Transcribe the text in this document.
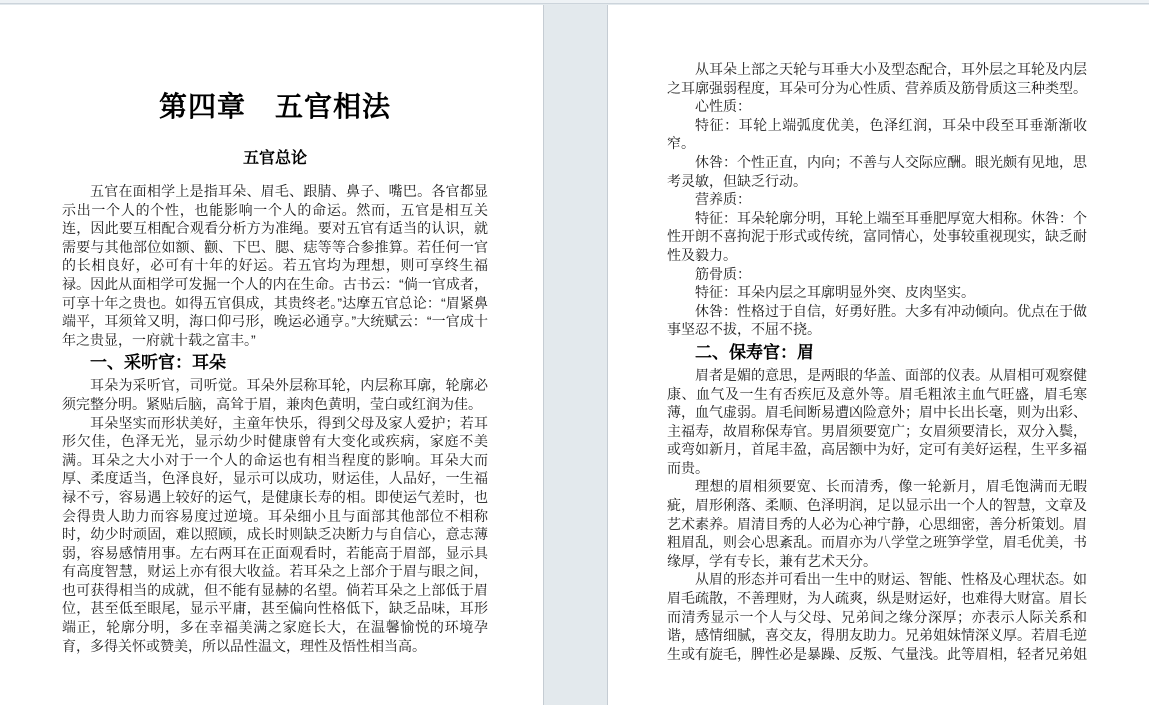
第四章　五官相法
五官总论

五官在面相学上是指耳朵、眉毛、跟腈、鼻子、嘴巴。各官都显示出一个人的个性，也能影响一个人的命运。然而，五官是相互关连，因此要互相配合观看分析方为准绳。要对五官有适当的认识，就需要与其他部位如额、颧、下巴、腮、痣等等合参推算。若任何一官的长相良好，必可有十年的好运。若五官均为理想，则可享终生福禄。因此从面相学可发掘一个人的内在生命。古书云：“倘一官成者，可享十年之贵也。如得五官俱成，其贵终老。”达摩五官总论：“眉紧鼻端平，耳须耸又明，海口仰弓形，晚运必通亨。”大统赋云：“一官成十年之贵显，一府就十载之富丰。”

一、采听官：耳朵

耳朵为采听官，司听觉。耳朵外层称耳轮，内层称耳廓，轮廓必须完整分明。紧贴后脑，高耸于眉，兼肉色黄明，莹白或红润为佳。

耳朵坚实而形状美好，主童年快乐，得到父母及家人爱护；若耳形欠佳，色泽无光，显示幼少时健康曾有大变化或疾病，家庭不美满。耳朵之大小对于一个人的命运也有相当程度的影响。耳朵大而厚、柔度适当，色泽良好，显示可以成功，财运佳，人品好，一生福禄不亏，容易遇上较好的运气，是健康长寿的相。即使运气差时，也会得贵人助力而容易度过逆境。耳朵细小且与面部其他部位不相称时，幼少时顽固，难以照顾，成长时则缺乏决断力与自信心，意志薄弱，容易感情用事。左右两耳在正面观看时，若能高于眉部，显示具有高度智慧，财运上亦有很大收益。若耳朵之上部介于眉与眼之间，也可获得相当的成就，但不能有显赫的名望。倘若耳朵之上部低于眉位，甚至低至眼尾，显示平庸，甚至偏向性格低下，缺乏品味，耳形端正，轮廓分明，多在幸福美满之家庭长大，在温馨愉悦的环境孕育，多得关怀或赞美，所以品性温文，理性及悟性相当高。

从耳朵上部之天轮与耳垂大小及型态配合，耳外层之耳轮及内层之耳廓强弱程度，耳朵可分为心性质、营养质及筋骨质这三种类型。

心性质：

特征：耳轮上端弧度优美，色泽红润，耳朵中段至耳垂渐渐收窄。

休咎：个性正直，内向；不善与人交际应酬。眼光颇有见地，思考灵敏，但缺乏行动。

营养质：

特征：耳朵轮廓分明，耳轮上端至耳垂肥厚宽大相称。休咎：个性开朗不喜拘泥于形式或传统，富同情心，处事较重视现实，缺乏耐性及毅力。

筋骨质：

特征：耳朵内层之耳廓明显外突、皮肉坚实。

休咎：性格过于自信，好勇好胜。大多有冲动倾向。优点在于做事坚忍不拔，不屈不挠。

二、保寿官：眉

眉者是媚的意思，是两眼的华盖、面部的仪表。从眉相可观察健康、血气及一生有否疾厄及意外等。眉毛粗浓主血气旺盛，眉毛寒薄，血气虚弱。眉毛间断易遭凶险意外；眉中长出长毫，则为出彩、主福寿，故眉称保寿官。男眉须要宽广；女眉须要清长，双分入鬓，或弯如新月，首尾丰盈，高居额中为好，定可有美好运程，生平多福而贵。

理想的眉相须要宽、长而清秀，像一轮新月，眉毛饱满而无暇疵，眉形俐落、柔顺、色泽明润，足以显示出一个人的智慧，文章及艺术素养。眉清目秀的人必为心神宁静，心思细密，善分析策划。眉粗眉乱，则会心思紊乱。而眉亦为八学堂之班笋学堂，眉毛优美，书缘厚，学有专长，兼有艺术天分。

从眉的形态并可看出一生中的财运、智能、性格及心理状态。如眉毛疏散，不善理财，为人疏爽，纵是财运好，也难得大财富。眉长而清秀显示一个人与父母、兄弟间之缘分深厚；亦表示人际关系和谐，感情细腻，喜交友，得朋友助力。兄弟姐妹情深义厚。若眉毛逆生或有旋毛，脾性必是暴躁、反叛、气量浅。此等眉相，轻者兄弟姐
